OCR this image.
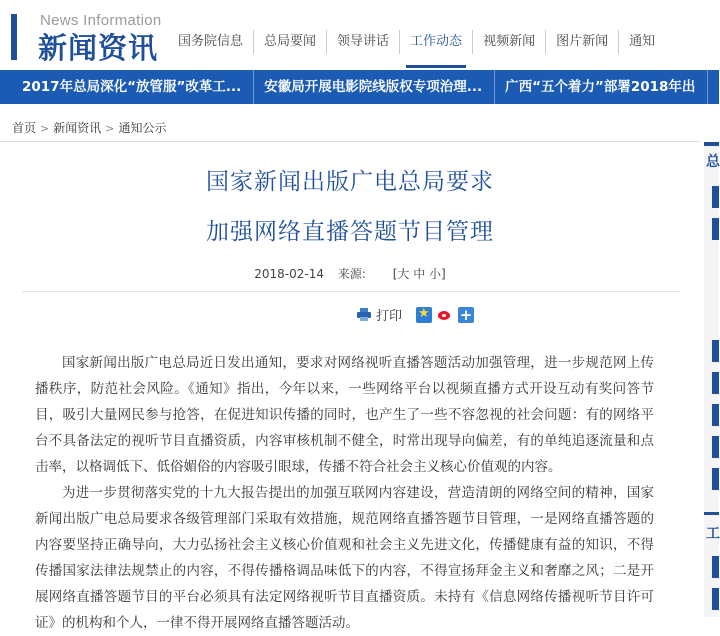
News Information
新闻资讯	国务院信息	总局要闻	领导讲话	工作动态	视频新闻	图片新闻	通知
2017年总局深化“放管服”改革工...	安徽局开展电影院线版权专项治理...	广西“五个着力”部署2018年出
首页 > 新闻资讯 > 通知公示
总
工
国家新闻出版广电总局要求
加强网络直播答题节目管理
2018-02-14 来源: [大 中 小]
打印
★	+

国家新闻出版广电总局近日发出通知，要求对网络视听直播答题活动加强管理，进一步规范网上传播秩序，防范社会风险。《通知》指出，今年以来，一些网络平台以视频直播方式开设互动有奖问答节目，吸引大量网民参与抢答，在促进知识传播的同时，也产生了一些不容忽视的社会问题：有的网络平台不具备法定的视听节目直播资质，内容审核机制不健全，时常出现导向偏差，有的单纯追逐流量和点击率，以格调低下、低俗媚俗的内容吸引眼球，传播不符合社会主义核心价值观的内容。

为进一步贯彻落实党的十九大报告提出的加强互联网内容建设，营造清朗的网络空间的精神，国家新闻出版广电总局要求各级管理部门采取有效措施，规范网络直播答题节目管理，一是网络直播答题的内容要坚持正确导向，大力弘扬社会主义核心价值观和社会主义先进文化，传播健康有益的知识，不得传播国家法律法规禁止的内容，不得传播格调品味低下的内容，不得宣扬拜金主义和奢靡之风；二是开展网络直播答题节目的平台必须具有法定网络视听节目直播资质。未持有《信息网络传播视听节目许可证》的机构和个人，一律不得开展网络直播答题活动。
